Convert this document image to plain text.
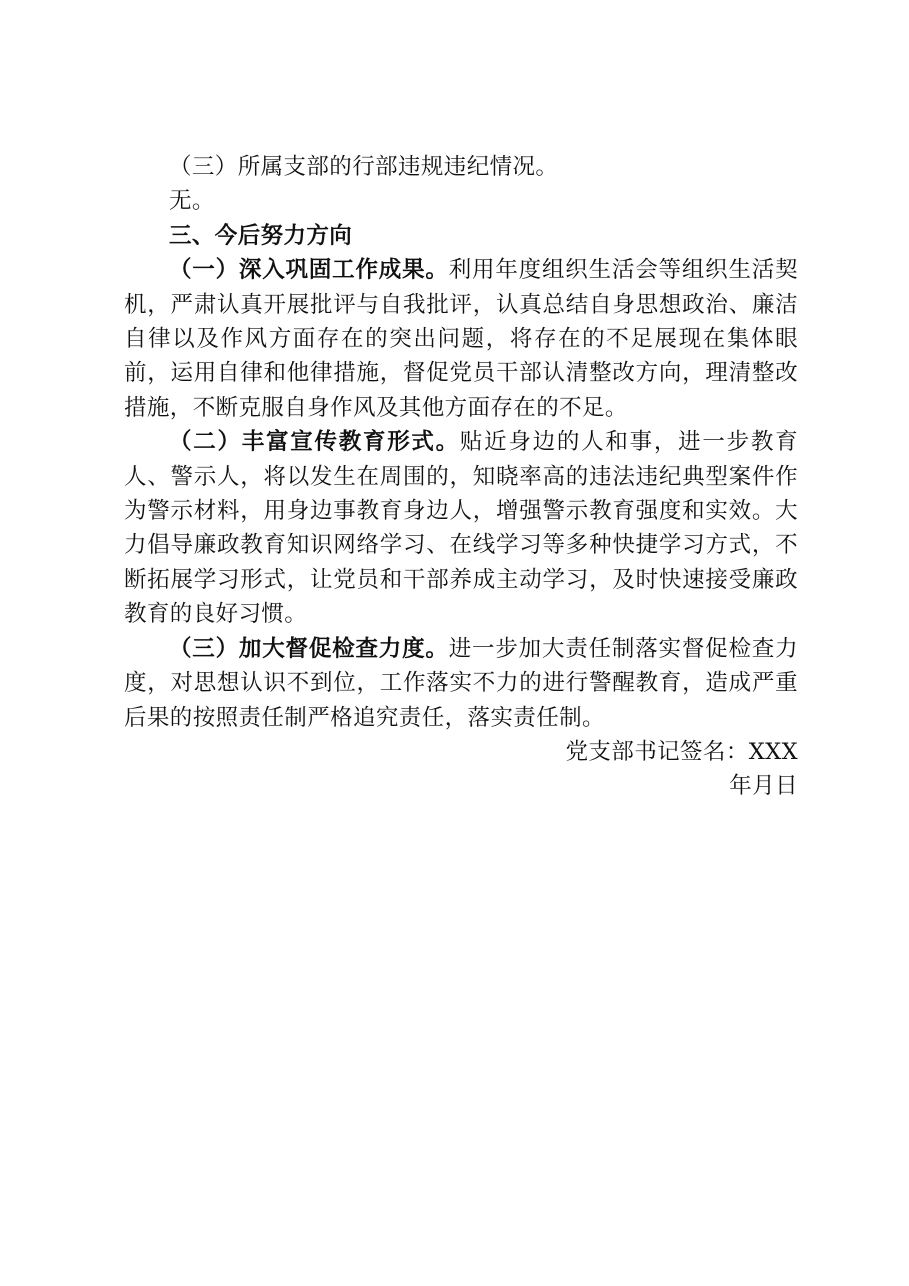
（三）所属支部的行部违规违纪情况。

无。

三、今后努力方向

（一）深入巩固工作成果。利用年度组织生活会等组织生活契机，严肃认真开展批评与自我批评，认真总结自身思想政治、廉洁自律以及作风方面存在的突出问题，将存在的不足展现在集体眼前，运用自律和他律措施，督促党员干部认清整改方向，理清整改措施，不断克服自身作风及其他方面存在的不足。

（二）丰富宣传教育形式。贴近身边的人和事，进一步教育人、警示人，将以发生在周围的，知晓率高的违法违纪典型案件作为警示材料，用身边事教育身边人，增强警示教育强度和实效。大力倡导廉政教育知识网络学习、在线学习等多种快捷学习方式，不断拓展学习形式，让党员和干部养成主动学习，及时快速接受廉政教育的良好习惯。

（三）加大督促检查力度。进一步加大责任制落实督促检查力度，对思想认识不到位，工作落实不力的进行警醒教育，造成严重后果的按照责任制严格追究责任，落实责任制。

党支部书记签名：XXX

年月日
